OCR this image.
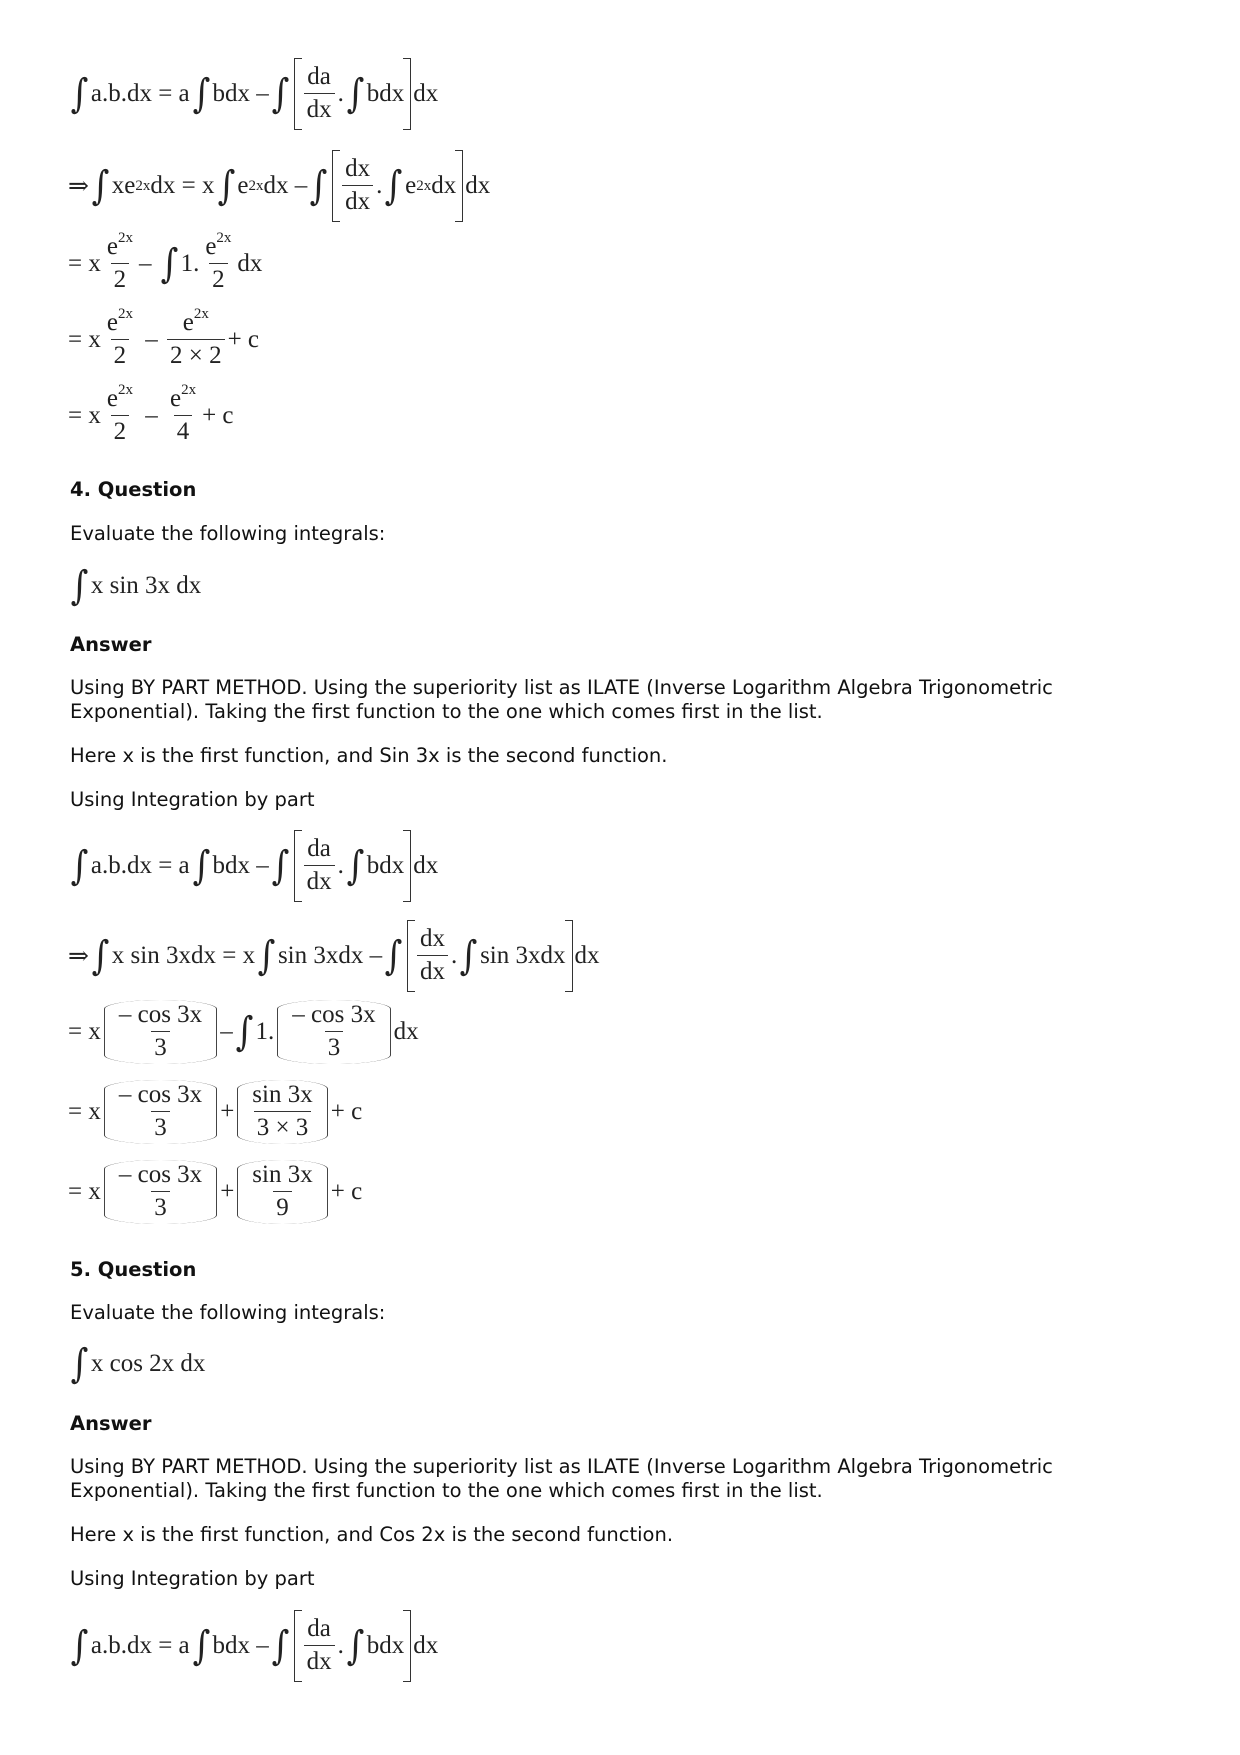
∫ a.b.dx
= a ∫ bdx
– ∫ $\frac{da}{dx}$ . ∫ bdx dx
⇒ ∫ xe 2x dx
= x ∫ e 2x dx
– ∫ $\frac{dx}{dx}$ . ∫ e 2x dx dx
= x $\frac{e^{2x}}{2}$ –
∫ 1. $\frac{e^{2x}}{2}$ dx
= x $\frac{e^{2x}}{2}$
–
$\frac{e^{2x}}{2 \times 2} + c$
= x $\frac{e^{2x}}{2}$
–
$\frac{e^{2x}}{4} + c$
4. Question
Evaluate the following integrals:
∫ x sin 3x dx
Answer
Using BY PART METHOD. Using the superiority list as ILATE (Inverse Logarithm Algebra Trigonometric Exponential). Taking the first function to the one which comes first in the list.
Here x is the first function, and Sin 3x is the second function.
Using Integration by part
∫ a.b.dx
= a ∫ bdx
– ∫ $\frac{da}{dx}$ . ∫ bdx dx
⇒ ∫ x sin 3xdx
= x ∫ sin 3xdx
– ∫ $\frac{dx}{dx}$ . ∫ sin 3xdx dx
= x $\frac{- \cos 3x}{3}$ – ∫ 1. $\frac{- \cos 3x}{3}$ dx
= x $\frac{- \cos 3x}{3} + \frac{\sin 3x}{3 \times 3} + c$
= x $\frac{- \cos 3x}{3} + \frac{\sin 3x}{9} + c$
5. Question
Evaluate the following integrals:
∫ x cos 2x dx
Answer
Using BY PART METHOD. Using the superiority list as ILATE (Inverse Logarithm Algebra Trigonometric Exponential). Taking the first function to the one which comes first in the list.
Here x is the first function, and Cos 2x is the second function.
Using Integration by part
∫ a.b.dx
= a ∫ bdx
– ∫ $\frac{da}{dx}$ . ∫ bdx dx
